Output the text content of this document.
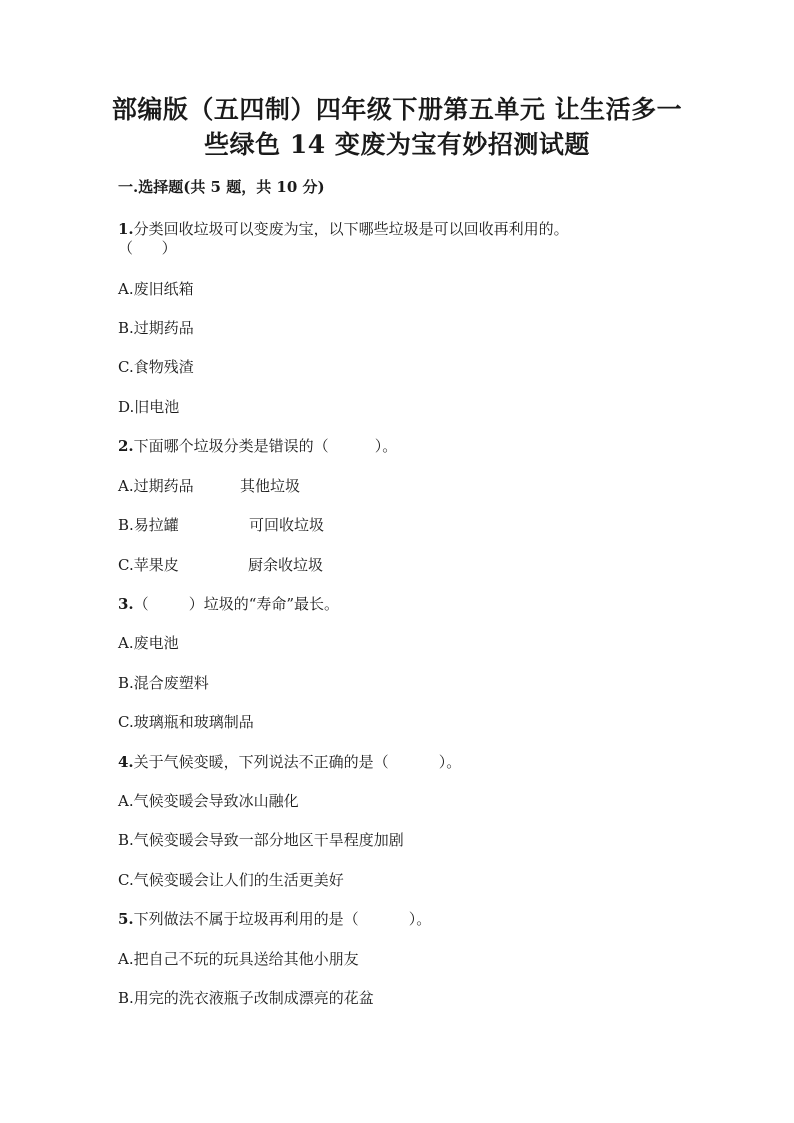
部编版（五四制）四年级下册第五单元 让生活多一
些绿色 14 变废为宝有妙招测试题
一.选择题(共 5 题，共 10 分)
1.分类回收垃圾可以变废为宝，以下哪些垃圾是可以回收再利用的。
（      ）
A.废旧纸箱
B.过期药品
C.食物残渣
D.旧电池
2.下面哪个垃圾分类是错误的（	）。
A.过期药品	其他垃圾
B.易拉罐	可回收垃圾
C.苹果皮	厨余收垃圾
3.（	）垃圾的“寿命”最长。
A.废电池
B.混合废塑料
C.玻璃瓶和玻璃制品
4.关于气候变暖，下列说法不正确的是（	）。
A.气候变暖会导致冰山融化
B.气候变暖会导致一部分地区干旱程度加剧
C.气候变暖会让人们的生活更美好
5.下列做法不属于垃圾再利用的是（	）。
A.把自己不玩的玩具送给其他小朋友
B.用完的洗衣液瓶子改制成漂亮的花盆
